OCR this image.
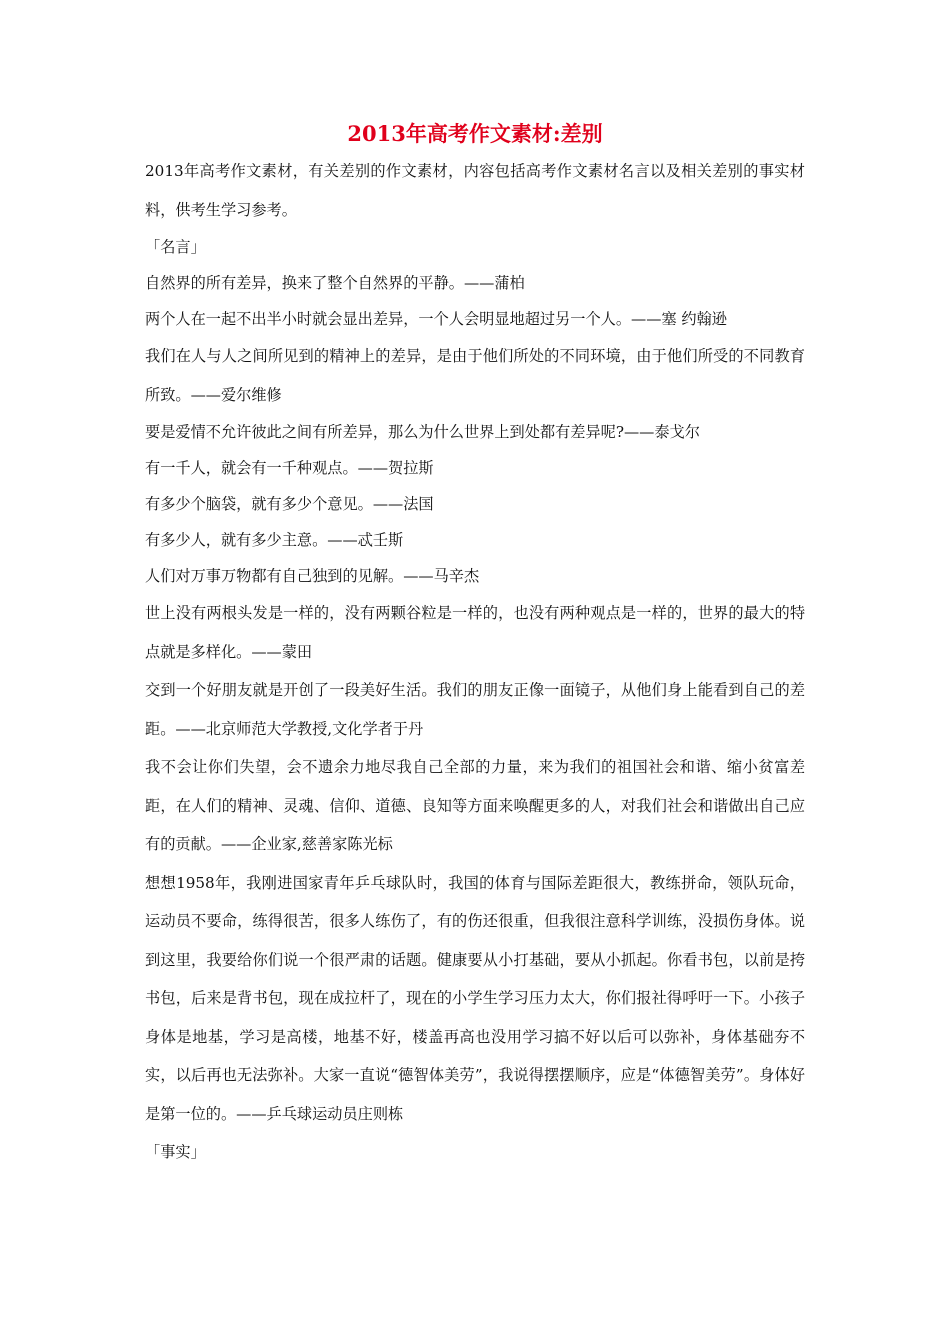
2013年高考作文素材:差别

2013年高考作文素材，有关差别的作文素材，内容包括高考作文素材名言以及相关差别的事实材料，供考生学习参考。

「名言」

自然界的所有差异，换来了整个自然界的平静。——蒲柏

两个人在一起不出半小时就会显出差异，一个人会明显地超过另一个人。——塞 约翰逊

我们在人与人之间所见到的精神上的差异，是由于他们所处的不同环境，由于他们所受的不同教育所致。——爱尔维修

要是爱情不允许彼此之间有所差异，那么为什么世界上到处都有差异呢?——泰戈尔

有一千人，就会有一千种观点。——贺拉斯

有多少个脑袋，就有多少个意见。——法国

有多少人，就有多少主意。——忒壬斯

人们对万事万物都有自己独到的见解。——马辛杰

世上没有两根头发是一样的，没有两颗谷粒是一样的，也没有两种观点是一样的，世界的最大的特点就是多样化。——蒙田

交到一个好朋友就是开创了一段美好生活。我们的朋友正像一面镜子，从他们身上能看到自己的差距。——北京师范大学教授,文化学者于丹

我不会让你们失望，会不遗余力地尽我自己全部的力量，来为我们的祖国社会和谐、缩小贫富差距，在人们的精神、灵魂、信仰、道德、良知等方面来唤醒更多的人，对我们社会和谐做出自己应有的贡献。——企业家,慈善家陈光标

想想1958年，我刚进国家青年乒乓球队时，我国的体育与国际差距很大，教练拼命，领队玩命，运动员不要命，练得很苦，很多人练伤了，有的伤还很重，但我很注意科学训练，没损伤身体。说到这里，我要给你们说一个很严肃的话题。健康要从小打基础，要从小抓起。你看书包，以前是挎书包，后来是背书包，现在成拉杆了，现在的小学生学习压力太大，你们报社得呼吁一下。小孩子身体是地基，学习是高楼，地基不好，楼盖再高也没用学习搞不好以后可以弥补，身体基础夯不实，以后再也无法弥补。大家一直说“德智体美劳”，我说得摆摆顺序，应是“体德智美劳”。身体好是第一位的。——乒乓球运动员庄则栋

「事实」
